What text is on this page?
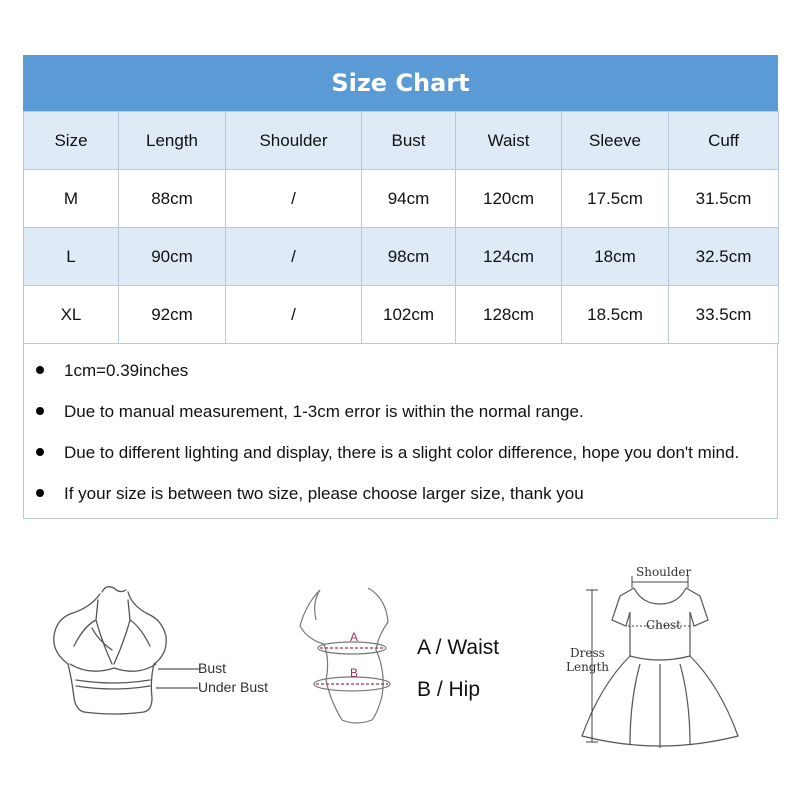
Size Chart
Size	Length	Shoulder	Bust	Waist	Sleeve	Cuff
M	88cm	/	94cm	120cm	17.5cm	31.5cm
L	90cm	/	98cm	124cm	18cm	32.5cm
XL	92cm	/	102cm	128cm	18.5cm	33.5cm
1cm=0.39inches
Due to manual measurement, 1-3cm error is within the normal range.
Due to different lighting and display, there is a slight color difference, hope you don't mind.
If your size is between two size, please choose larger size, thank you
Bust
Under Bust
A
B
A / Waist
B / Hip
Shoulder
Chest
Dress
Length
